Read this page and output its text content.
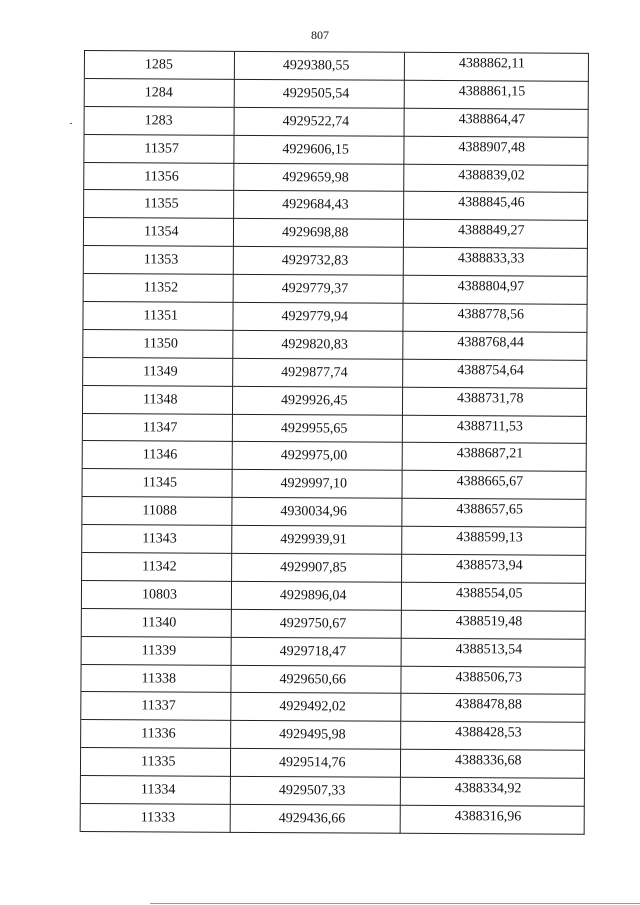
807
1285	4929380,55	4388862,11
1284	4929505,54	4388861,15
1283	4929522,74	4388864,47
11357	4929606,15	4388907,48
11356	4929659,98	4388839,02
11355	4929684,43	4388845,46
11354	4929698,88	4388849,27
11353	4929732,83	4388833,33
11352	4929779,37	4388804,97
11351	4929779,94	4388778,56
11350	4929820,83	4388768,44
11349	4929877,74	4388754,64
11348	4929926,45	4388731,78
11347	4929955,65	4388711,53
11346	4929975,00	4388687,21
11345	4929997,10	4388665,67
11088	4930034,96	4388657,65
11343	4929939,91	4388599,13
11342	4929907,85	4388573,94
10803	4929896,04	4388554,05
11340	4929750,67	4388519,48
11339	4929718,47	4388513,54
11338	4929650,66	4388506,73
11337	4929492,02	4388478,88
11336	4929495,98	4388428,53
11335	4929514,76	4388336,68
11334	4929507,33	4388334,92
11333	4929436,66	4388316,96
